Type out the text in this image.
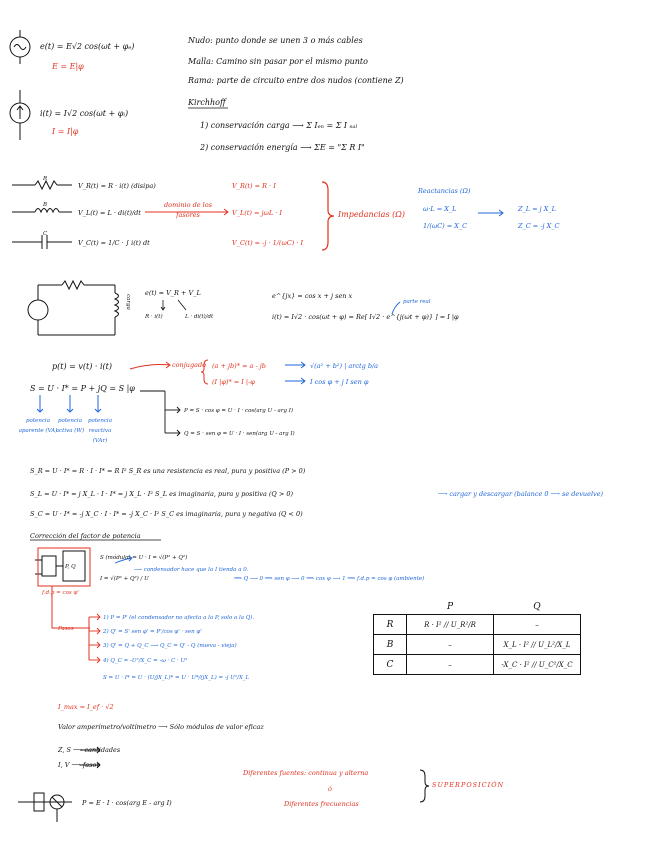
e(t) = E√2 cos(ωt + φₑ)
E = E|φ
i(t) = I√2 cos(ωt + φᵢ)
I = I|φ
Nudo: punto donde se unen 3 o más cables
Malla: Camino sin pasar por el mismo punto
Rama: parte de circuito entre dos nudos (contiene Z)
Kirchhoff
1) conservación carga ⟶ Σ Iₑₙ = Σ I ₛₐₗ
2) conservación energía ⟶ ΣE = "Σ R I"
R
B
C
V_R(t) = R · i(t) (disipa)
V_L(t) = L · di(t)/dt
V_C(t) = 1/C · ∫ i(t) dt
dominio de los fasores
V_R(t) = R · I
V_L(t) = jωL · I
V_C(t) = -j · 1/(ωC) · I
Impedancias (Ω)
Reactancias (Ω)
ω·L = X_L
1/(ωC) = X_C
Z_L = j X_L
Z_C = -j X_C
carga
e(t) = V_R + V_L
R · i(t)	L · di(t)/dt
e^{jx} = cos x + j sen x
parte real
i(t) = I√2 · cos(ωt + φ) = Re[ I√2 · e^{j(ωt + φ)} ] = I |φ
p(t) = v(t) · i(t)	conjugado (a + jb)* = a - jb
(I |φ)* = I |-φ
√(a² + b²) | arctg b/a
I cos φ + j I sen φ
S = U · I* = P + jQ = S |φ
P = S · cos φ = U · I · cos(arg U - arg I)
Q = S · sen φ = U · I · sen(arg U - arg I)
potencia aparente (VA)
potencia activa (W)
potencia reactiva (VAr)
S_R = U · I* = R · I · I* = R I² S_R es una resistencia es real, pura y positiva (P > 0)
S_L = U · I* = j X_L · I · I* = j X_L · I² S_L es imaginaria, pura y positiva (Q > 0)	⟶ cargar y descargar (balance 0 ⟶ se devuelve)
S_C = U · I* = -j X_C · I · I* = -j X_C · I² S_C es imaginaria, pura y negativa (Q < 0)
Corrección del factor de potencia
S (módulo) = U · I = √(P² + Q²)
I = √(P² + Q²) / U
⟶ condensador hace que la I tienda a 0.
⟹ Q ⟶ 0 ⟹ sen φ ⟶ 0 ⟹ cos φ ⟶ 1 ⟹ f.d.p = cos φ (ambiente)
P, Q
f.d.p = cos φ'
Pasos
1) P = P' (el condensador no afecta a la P, solo a la Q).
2) Q' = S' sen φ' = P'/cos φ' · sen φ'
3) Q' = Q + Q_C ⟶ Q_C = Q' - Q (nueva - vieja)
4) Q_C = -U²/X_C = -ω · C · U²
S = U · I* = U · (U/jX_L)* = U · U*/(jX_L) = -j U²/X_L
	P	Q
R	R · I² // U_R²/R	–
B	–	X_L · I² // U_L²/X_L
C	–	-X_C · I² // U_C²/X_C
I_max = I_ef · √2
Valor amperímetro/voltímetro ⟶ Sólo módulos de valor eficaz
Z, S ⟶ cantidades
I, V ⟶ fasor
P = E · I · cos(arg E - arg I)
Diferentes fuentes: continua y alterna
ó
Diferentes frecuencias
SUPERPOSICIÓN
